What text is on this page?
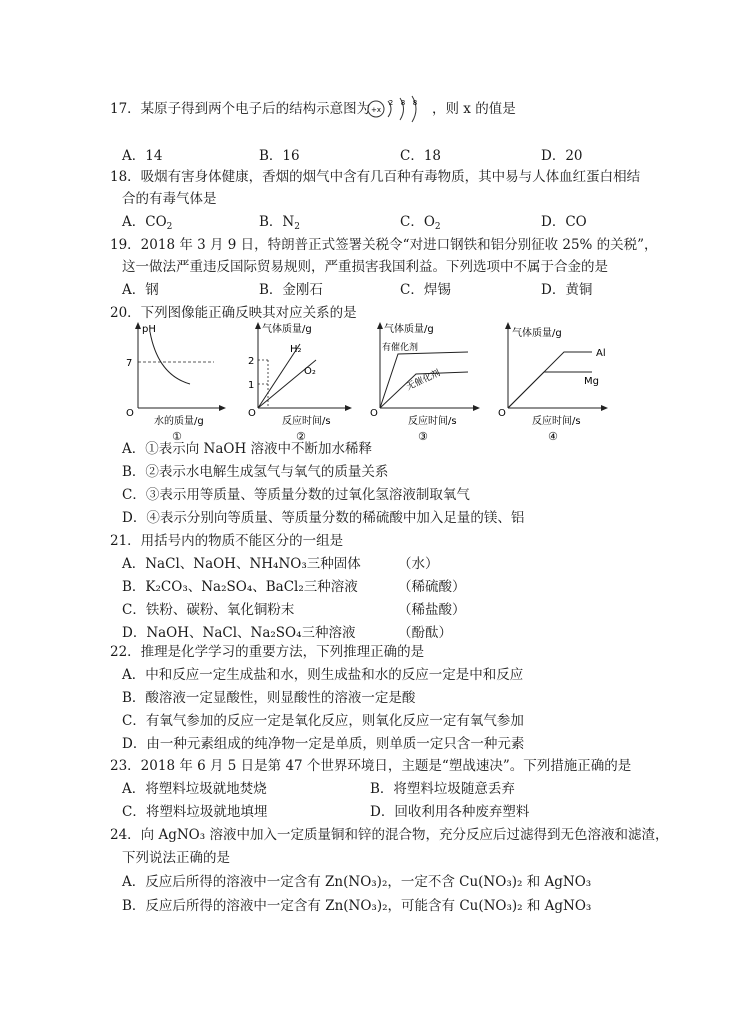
17．某原子得到两个电子后的结构示意图为 +x
2 8 8 ，则 x 的值是
A．14	B．16	C．18	D．20
18．吸烟有害身体健康，香烟的烟气中含有几百种有毒物质，其中易与人体血红蛋白相结
合的有毒气体是
A．$CO_2$	B．$N_2$	C．$O_2$	D．CO
19．2018 年 3 月 9 日，特朗普正式签署关税令“对进口钢铁和铝分别征收 25% 的关税”，
这一做法严重违反国际贸易规则，严重损害我国利益。下列选项中不属于合金的是
A．钢	B．金刚石	C．焊锡	D．黄铜
20．下列图像能正确反映其对应关系的是
pH
7
O
水的质量/g
①
气体质量/g
2
1
H₂
O₂
O
反应时间/s
②
气体质量/g
有催化剂
无催化剂
O
反应时间/s
③
气体质量/g
Al
Mg
O
反应时间/s
④
A．①表示向 NaOH 溶液中不断加水稀释
B．②表示水电解生成氢气与氧气的质量关系
C．③表示用等质量、等质量分数的过氧化氢溶液制取氧气
D．④表示分别向等质量、等质量分数的稀硫酸中加入足量的镁、铝
21．用括号内的物质不能区分的一组是
A．NaCl、NaOH、NH₄NO₃三种固体	（水）
B．K₂CO₃、Na₂SO₄、BaCl₂三种溶液	（稀硫酸）
C．铁粉、碳粉、氧化铜粉末	（稀盐酸）
D．NaOH、NaCl、Na₂SO₄三种溶液	（酚酞）
22．推理是化学学习的重要方法，下列推理正确的是
A．中和反应一定生成盐和水，则生成盐和水的反应一定是中和反应
B．酸溶液一定显酸性，则显酸性的溶液一定是酸
C．有氧气参加的反应一定是氧化反应，则氧化反应一定有氧气参加
D．由一种元素组成的纯净物一定是单质，则单质一定只含一种元素
23．2018 年 6 月 5 日是第 47 个世界环境日，主题是“塑战速决”。下列措施正确的是
A．将塑料垃圾就地焚烧	B．将塑料垃圾随意丢弃
C．将塑料垃圾就地填埋	D．回收利用各种废弃塑料
24．向 AgNO₃ 溶液中加入一定质量铜和锌的混合物，充分反应后过滤得到无色溶液和滤渣，
下列说法正确的是
A．反应后所得的溶液中一定含有 Zn(NO₃)₂，一定不含 Cu(NO₃)₂ 和 AgNO₃
B．反应后所得的溶液中一定含有 Zn(NO₃)₂，可能含有 Cu(NO₃)₂ 和 AgNO₃
